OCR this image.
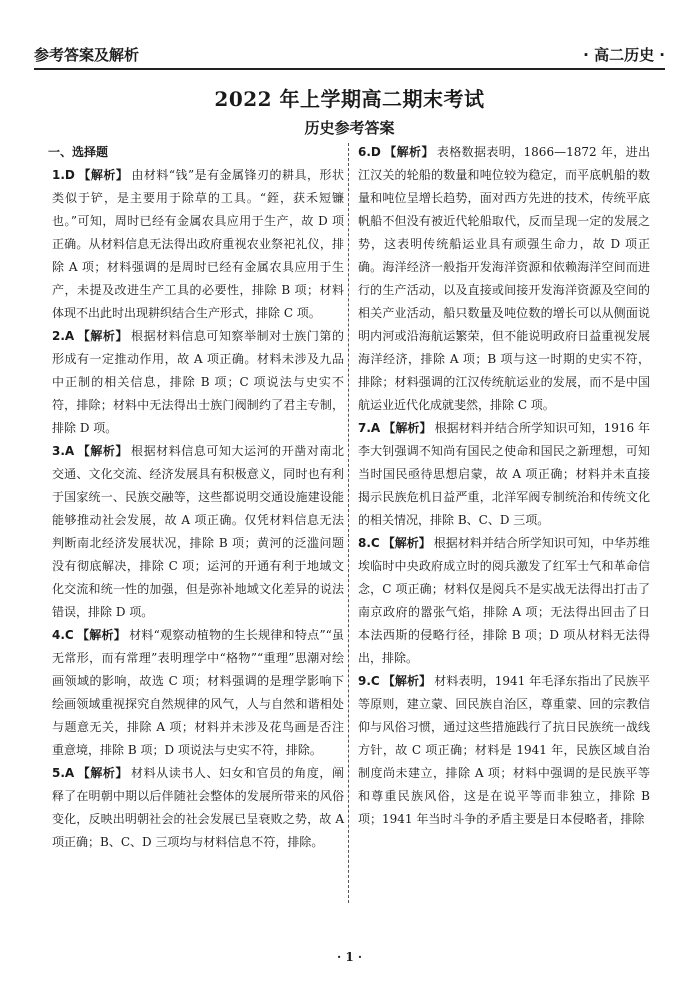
参考答案及解析	· 高二历史 ·
2022 年上学期高二期末考试
历史参考答案
一、选择题
1.D 【解析】 由材料“钱”是有金属锋刃的耕具，形状类似于铲，是主要用于除草的工具。“銍，获禾短镰也。”可知，周时已经有金属农具应用于生产，故 D 项正确。从材料信息无法得出政府重视农业祭祀礼仪，排除 A 项；材料强调的是周时已经有金属农具应用于生产，未提及改进生产工具的必要性，排除 B 项；材料体现不出此时出现耕织结合生产形式，排除 C 项。
2.A 【解析】 根据材料信息可知察举制对士族门第的形成有一定推动作用，故 A 项正确。材料未涉及九品中正制的相关信息，排除 B 项；C 项说法与史实不符，排除；材料中无法得出士族门阀制约了君主专制，排除 D 项。
3.A 【解析】 根据材料信息可知大运河的开凿对南北交通、文化交流、经济发展具有积极意义，同时也有利于国家统一、民族交融等，这些都说明交通设施建设能能够推动社会发展，故 A 项正确。仅凭材料信息无法判断南北经济发展状况，排除 B 项；黄河的泛滥问题没有彻底解决，排除 C 项；运河的开通有利于地域文化交流和统一性的加强，但是弥补地域文化差异的说法错误，排除 D 项。
4.C 【解析】 材料“观察动植物的生长规律和特点”“虽无常形，而有常理”表明理学中“格物”“重理”思潮对绘画领域的影响，故选 C 项；材料强调的是理学影响下绘画领域重视探究自然规律的风气，人与自然和谐相处与题意无关，排除 A 项；材料并未涉及花鸟画是否注重意境，排除 B 项；D 项说法与史实不符，排除。
5.A 【解析】 材料从读书人、妇女和官员的角度，阐释了在明朝中期以后伴随社会整体的发展所带来的风俗变化，反映出明朝社会的社会发展已呈衰败之势，故 A 项正确；B、C、D 三项均与材料信息不符，排除。
6.D 【解析】 表格数据表明，1866—1872 年，进出江汉关的轮船的数量和吨位较为稳定，而平底帆船的数量和吨位呈增长趋势，面对西方先进的技术，传统平底帆船不但没有被近代轮船取代，反而呈现一定的发展之势，这表明传统船运业具有顽强生命力，故 D 项正确。海洋经济一般指开发海洋资源和依赖海洋空间而进行的生产活动，以及直接或间接开发海洋资源及空间的相关产业活动，船只数量及吨位数的增长可以从侧面说明内河或沿海航运繁荣，但不能说明政府日益重视发展海洋经济，排除 A 项；B 项与这一时期的史实不符，排除；材料强调的江汉传统航运业的发展，而不是中国航运业近代化成就斐然，排除 C 项。
7.A 【解析】 根据材料并结合所学知识可知，1916 年李大钊强调不知尚有国民之使命和国民之新理想，可知当时国民亟待思想启蒙，故 A 项正确；材料并未直接揭示民族危机日益严重，北洋军阀专制统治和传统文化的相关情况，排除 B、C、D 三项。
8.C 【解析】 根据材料并结合所学知识可知，中华苏维埃临时中央政府成立时的阅兵激发了红军士气和革命信念，C 项正确；材料仅是阅兵不是实战无法得出打击了南京政府的嚣张气焰，排除 A 项；无法得出回击了日本法西斯的侵略行径，排除 B 项；D 项从材料无法得出，排除。
9.C 【解析】 材料表明，1941 年毛泽东指出了民族平等原则，建立蒙、回民族自治区，尊重蒙、回的宗教信仰与风俗习惯，通过这些措施践行了抗日民族统一战线方针，故 C 项正确；材料是 1941 年，民族区域自治制度尚未建立，排除 A 项；材料中强调的是民族平等和尊重民族风俗，这是在说平等而非独立，排除 B 项；1941 年当时斗争的矛盾主要是日本侵略者，排除
· 1 ·
